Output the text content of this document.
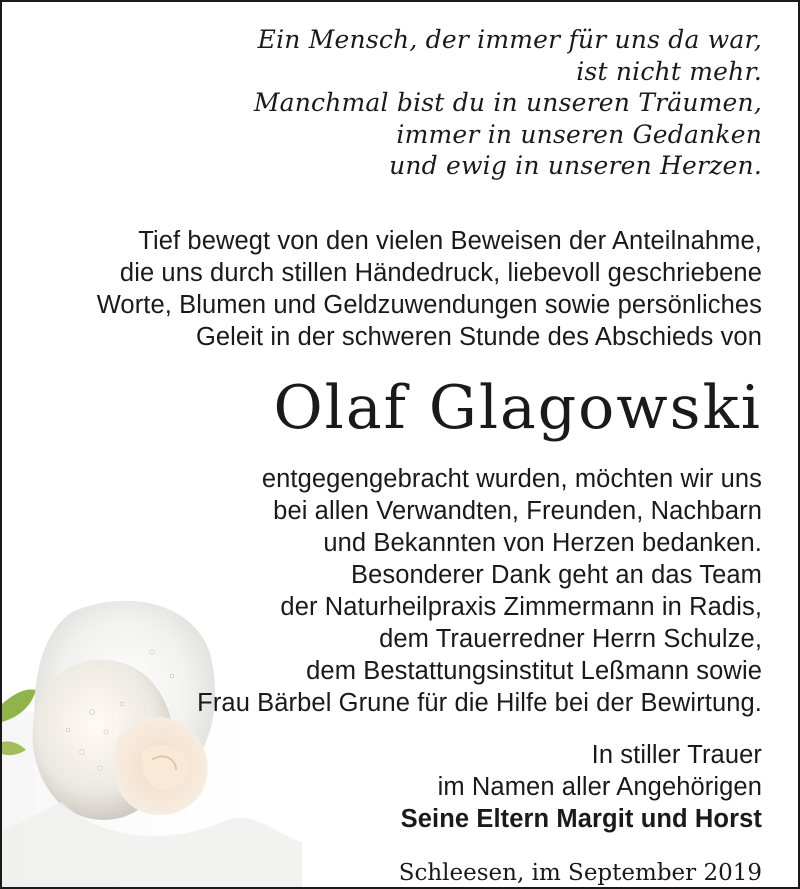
Ein Mensch, der immer für uns da war,
ist nicht mehr.
Manchmal bist du in unseren Träumen,
immer in unseren Gedanken
und ewig in unseren Herzen.
Tief bewegt von den vielen Beweisen der Anteilnahme,
die uns durch stillen Händedruck, liebevoll geschriebene
Worte, Blumen und Geldzuwendungen sowie persönliches
Geleit in der schweren Stunde des Abschieds von
Olaf Glagowski
entgegengebracht wurden, möchten wir uns
bei allen Verwandten, Freunden, Nachbarn
und Bekannten von Herzen bedanken.
Besonderer Dank geht an das Team
der Naturheilpraxis Zimmermann in Radis,
dem Trauerredner Herrn Schulze,
dem Bestattungsinstitut Leßmann sowie
Frau Bärbel Grune für die Hilfe bei der Bewirtung.
In stiller Trauer
im Namen aller Angehörigen
Seine Eltern Margit und Horst
Schleesen, im September 2019
